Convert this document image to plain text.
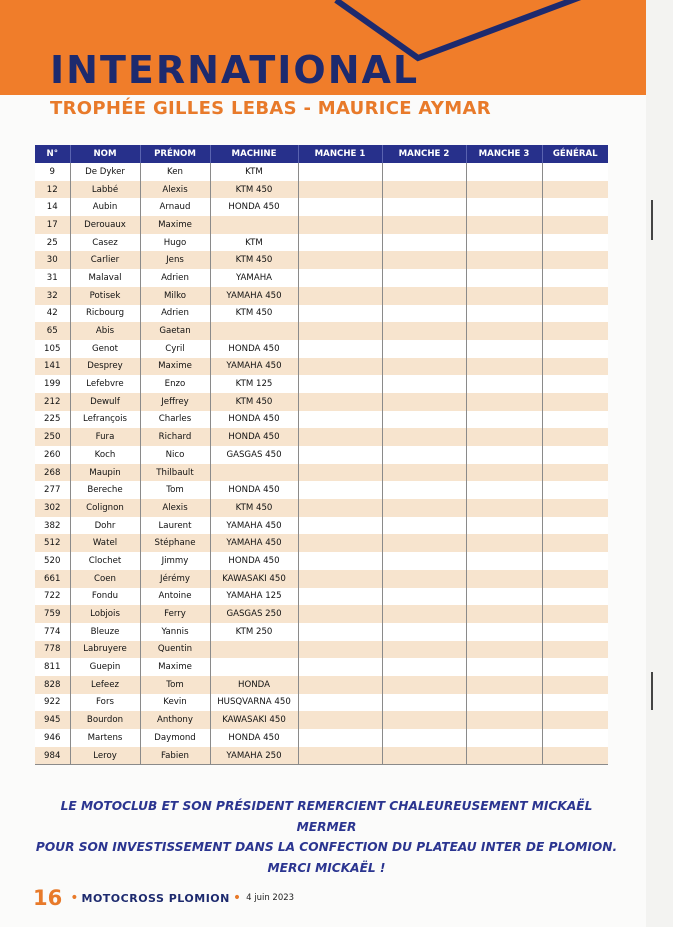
INTERNATIONAL
TROPHÉE GILLES LEBAS - MAURICE AYMAR
N°	NOM	PRÉNOM	MACHINE	MANCHE 1	MANCHE 2	MANCHE 3	GÉNÉRAL
9	De Dyker	Ken	KTM				
12	Labbé	Alexis	KTM 450				
14	Aubin	Arnaud	HONDA 450				
17	Derouaux	Maxime					
25	Casez	Hugo	KTM				
30	Carlier	Jens	KTM 450				
31	Malaval	Adrien	YAMAHA				
32	Potisek	Milko	YAMAHA 450				
42	Ricbourg	Adrien	KTM 450				
65	Abis	Gaetan					
105	Genot	Cyril	HONDA 450				
141	Desprey	Maxime	YAMAHA 450				
199	Lefebvre	Enzo	KTM 125				
212	Dewulf	Jeffrey	KTM 450				
225	Lefrançois	Charles	HONDA 450				
250	Fura	Richard	HONDA 450				
260	Koch	Nico	GASGAS 450				
268	Maupin	Thilbault					
277	Bereche	Tom	HONDA 450				
302	Colignon	Alexis	KTM 450				
382	Dohr	Laurent	YAMAHA 450				
512	Watel	Stéphane	YAMAHA 450				
520	Clochet	Jimmy	HONDA 450				
661	Coen	Jérémy	KAWASAKI 450				
722	Fondu	Antoine	YAMAHA 125				
759	Lobjois	Ferry	GASGAS 250				
774	Bleuze	Yannis	KTM 250				
778	Labruyere	Quentin					
811	Guepin	Maxime					
828	Lefeez	Tom	HONDA				
922	Fors	Kevin	HUSQVARNA 450				
945	Bourdon	Anthony	KAWASAKI 450				
946	Martens	Daymond	HONDA 450				
984	Leroy	Fabien	YAMAHA 250				

LE MOTOCLUB ET SON PRÉSIDENT REMERCIENT CHALEUREUSEMENT MICKAËL MERMER
POUR SON INVESTISSEMENT DANS LA CONFECTION DU PLATEAU INTER DE PLOMION.
MERCI MICKAËL !

16 • MOTOCROSS PLOMION • 4 juin 2023
